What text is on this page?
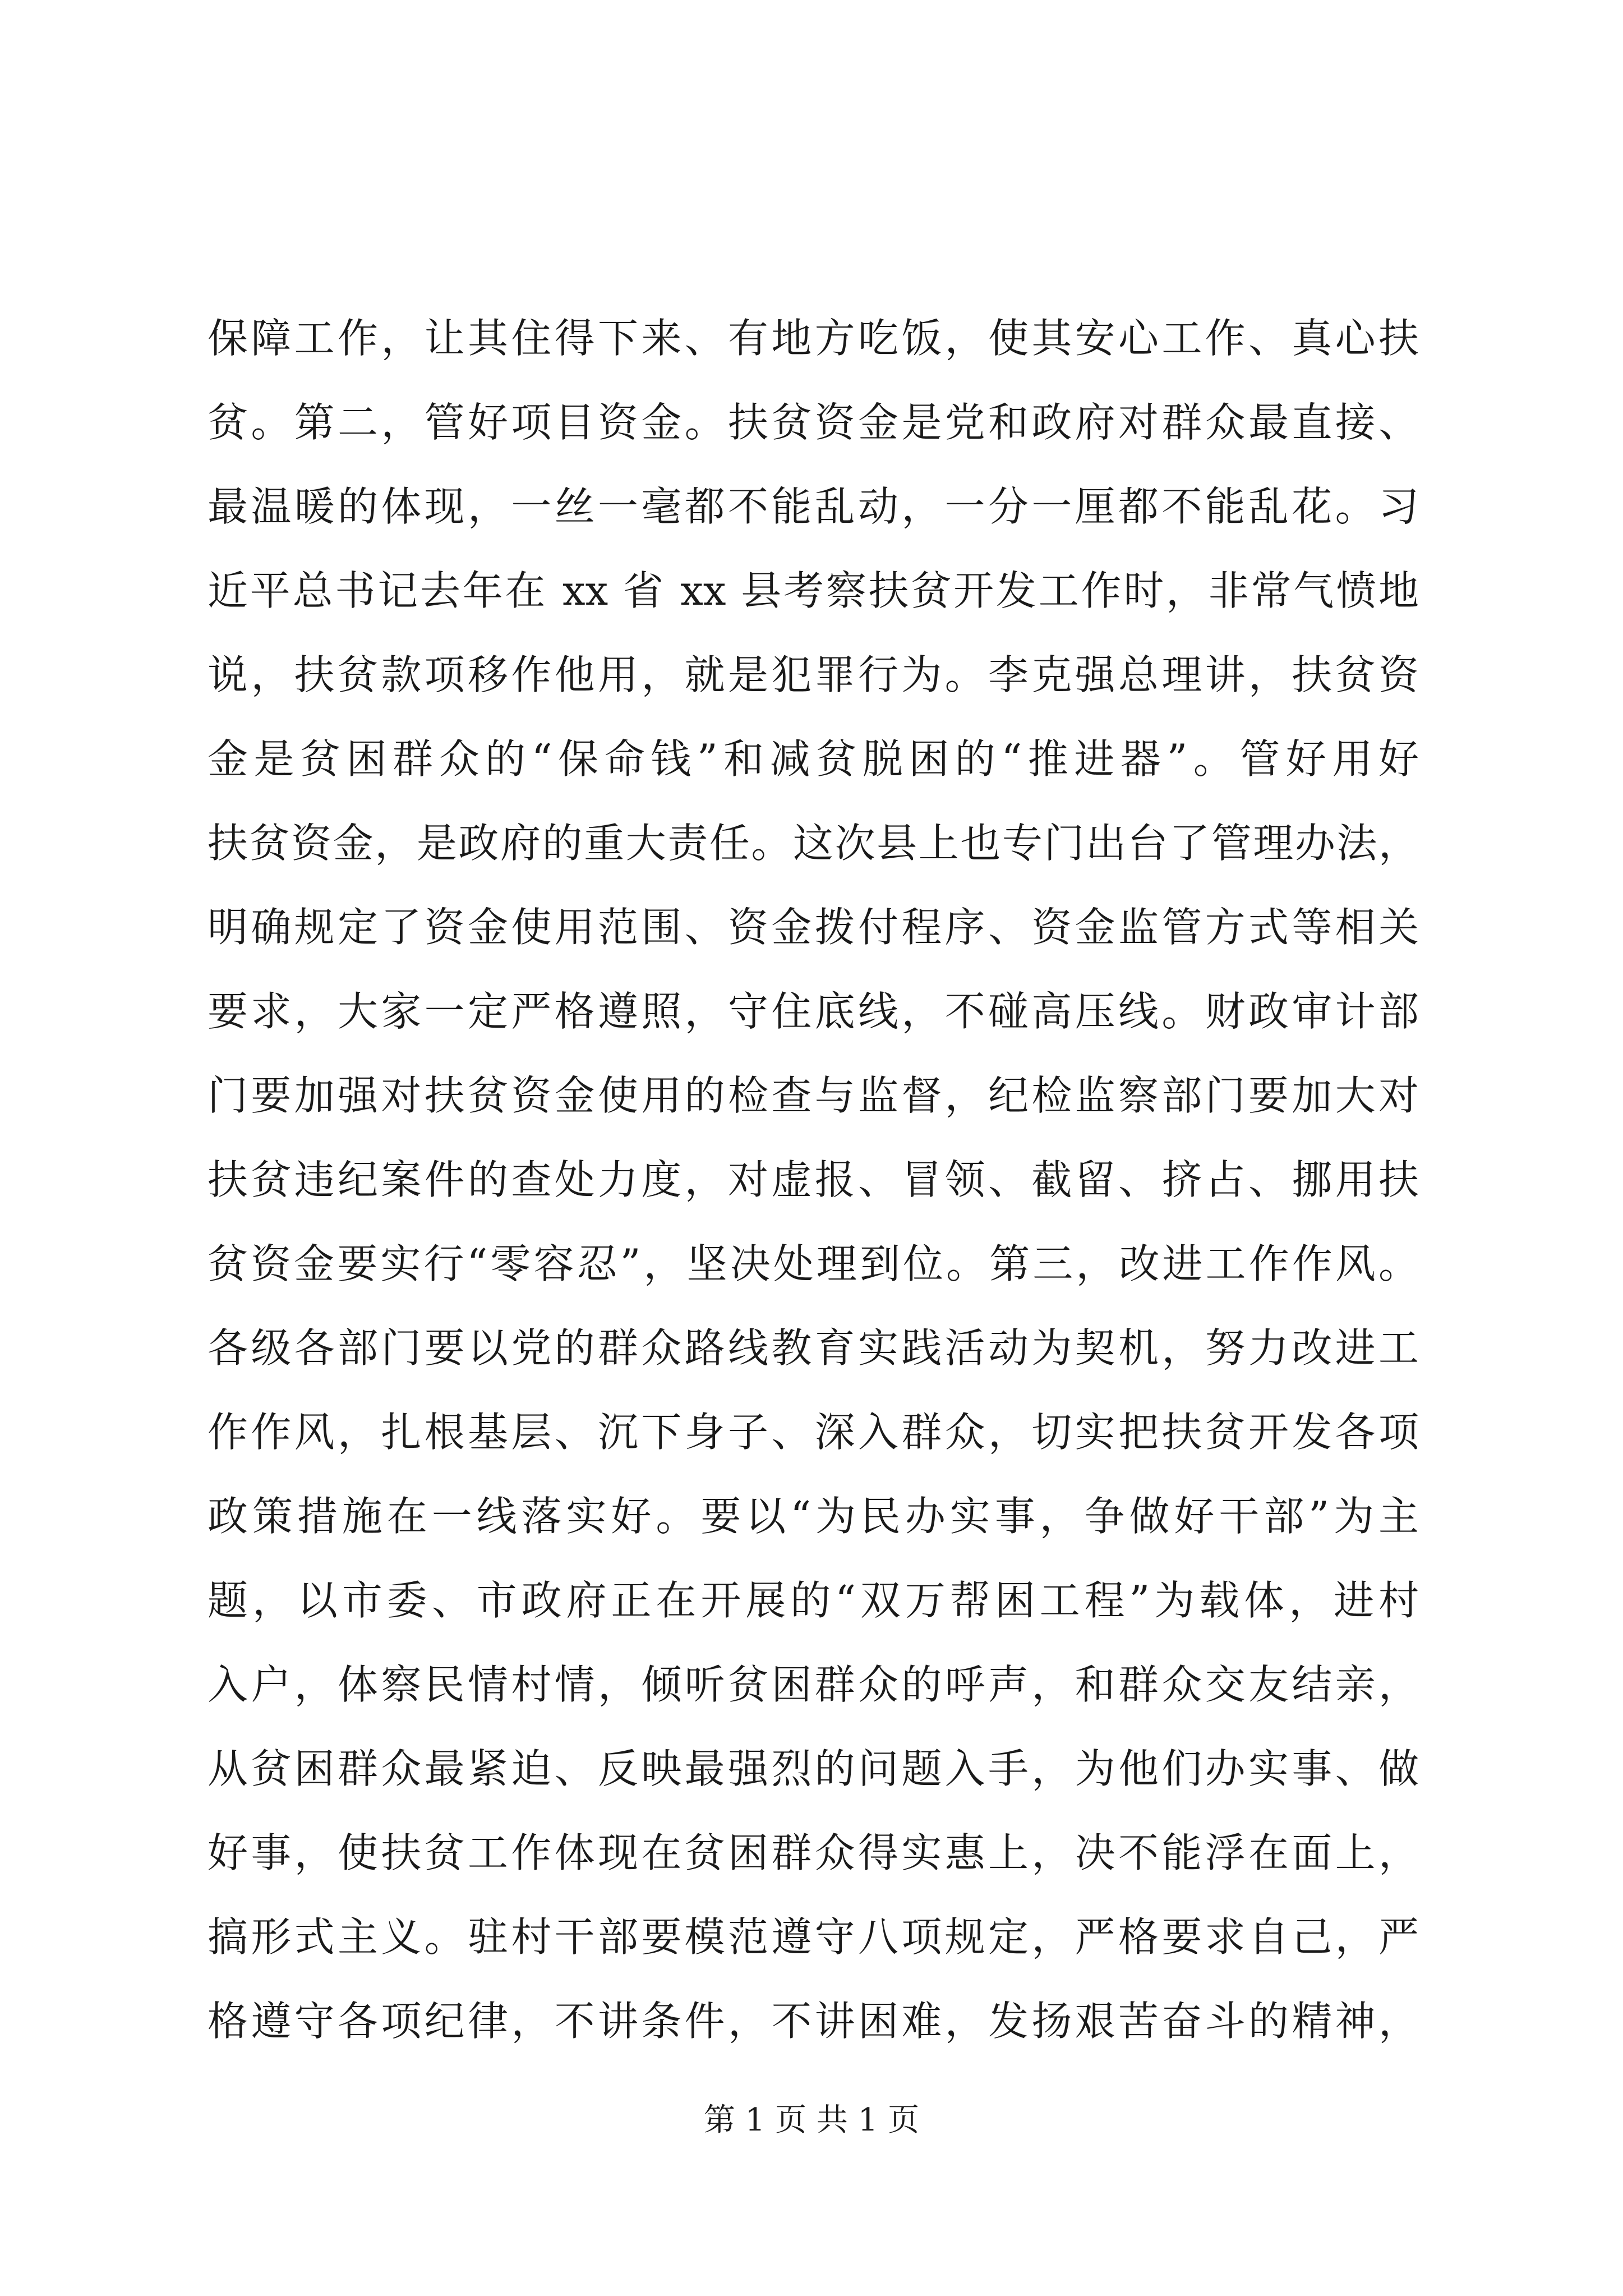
保障工作，让其住得下来、有地方吃饭，使其安心工作、真心扶
贫。第二，管好项目资金。扶贫资金是党和政府对群众最直接、
最温暖的体现，一丝一毫都不能乱动，一分一厘都不能乱花。习
近平总书记去年在 xx 省 xx 县考察扶贫开发工作时，非常气愤地
说，扶贫款项移作他用，就是犯罪行为。李克强总理讲，扶贫资
金是贫困群众的“保命钱”和减贫脱困的“推进器”。管好用好
扶贫资金，是政府的重大责任。这次县上也专门出台了管理办法，
明确规定了资金使用范围、资金拨付程序、资金监管方式等相关
要求，大家一定严格遵照，守住底线，不碰高压线。财政审计部
门要加强对扶贫资金使用的检查与监督，纪检监察部门要加大对
扶贫违纪案件的查处力度，对虚报、冒领、截留、挤占、挪用扶
贫资金要实行“零容忍”，坚决处理到位。第三，改进工作作风。
各级各部门要以党的群众路线教育实践活动为契机，努力改进工
作作风，扎根基层、沉下身子、深入群众，切实把扶贫开发各项
政策措施在一线落实好。要以“为民办实事，争做好干部”为主
题，以市委、市政府正在开展的“双万帮困工程”为载体，进村
入户，体察民情村情，倾听贫困群众的呼声，和群众交友结亲，
从贫困群众最紧迫、反映最强烈的问题入手，为他们办实事、做
好事，使扶贫工作体现在贫困群众得实惠上，决不能浮在面上，
搞形式主义。驻村干部要模范遵守八项规定，严格要求自己，严
格遵守各项纪律，不讲条件，不讲困难，发扬艰苦奋斗的精神，
第 1 页 共 1 页
